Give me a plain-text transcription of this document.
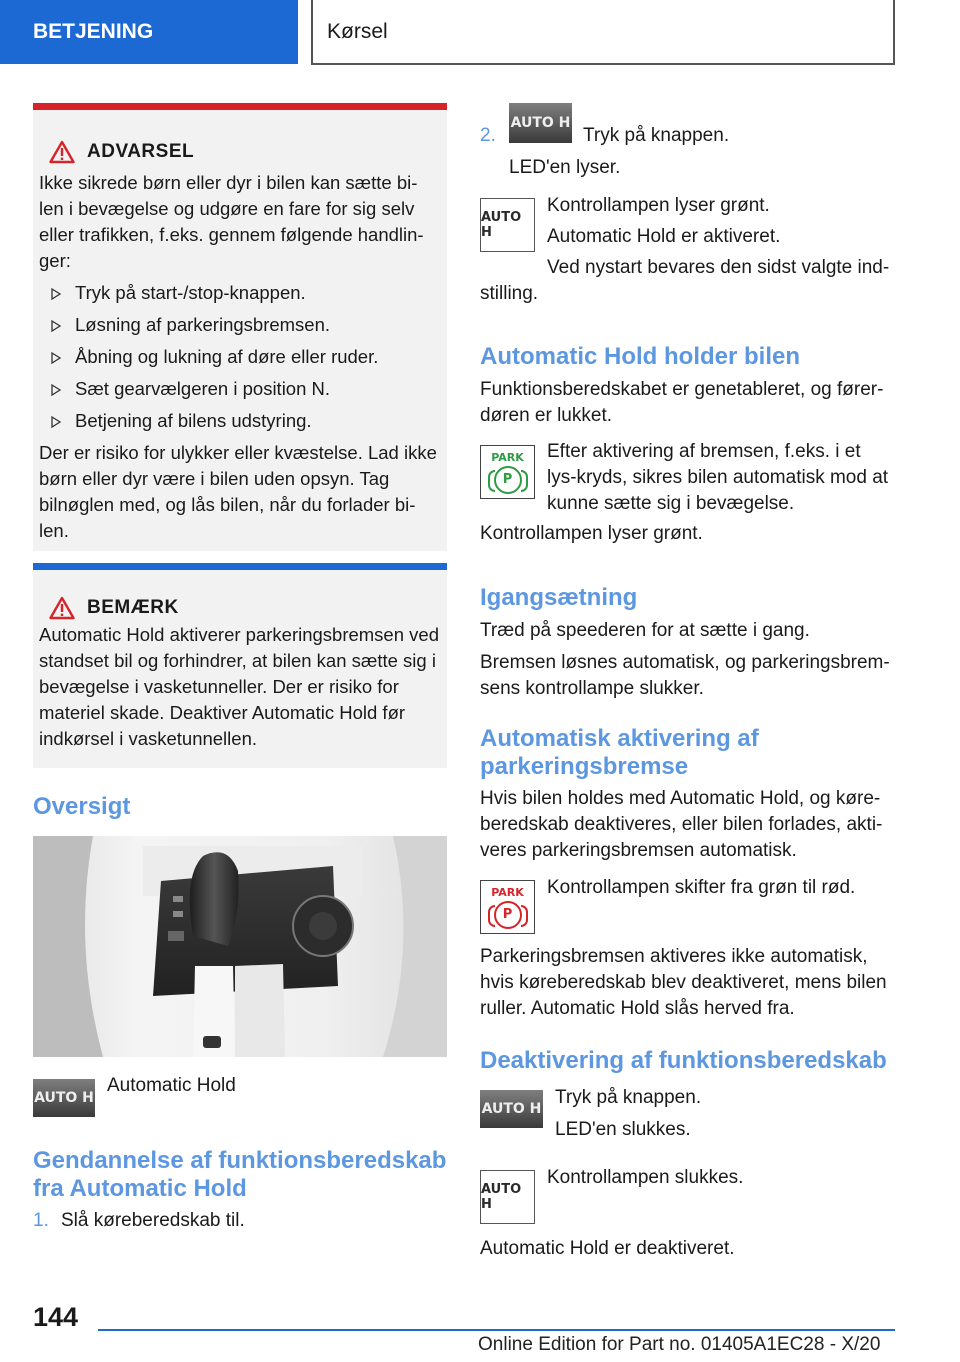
BETJENING	Kørsel
ADVARSEL

Ikke sikrede børn eller dyr i bilen kan sætte bi-len i bevægelse og udgøre en fare for sig selv eller trafikken, f.eks. gennem følgende handlin-ger:

Tryk på start-/stop-knappen.
Løsning af parkeringsbremsen.
Åbning og lukning af døre eller ruder.
Sæt gearvælgeren i position N.
Betjening af bilens udstyring.

Der er risiko for ulykker eller kvæstelse. Lad ikke børn eller dyr være i bilen uden opsyn. Tag bilnøglen med, og lås bilen, når du forlader bi-len.

BEMÆRK

Automatic Hold aktiverer parkeringsbremsen ved standset bil og forhindrer, at bilen kan sætte sig i bevægelse i vasketunneller. Der er risiko for materiel skade. Deaktiver Automatic Hold før indkørsel i vasketunnellen.

Oversigt
AUTO H

Automatic Hold

Gendannelse af funktionsberedskab fra Automatic Hold

1. Slå køreberedskab til.

2.

AUTO H

Tryk på knappen.

LED'en lyser.

AUTO H

Kontrollampen lyser grønt.

Automatic Hold er aktiveret.

Ved nystart bevares den sidst valgte ind-stilling.

Automatic Hold holder bilen

Funktionsberedskabet er genetableret, og fører-døren er lukket.

PARK
P

Efter aktivering af bremsen, f.eks. i et lys-kryds, sikres bilen automatisk mod at kunne sætte sig i bevægelse.

Kontrollampen lyser grønt.

Igangsætning

Træd på speederen for at sætte i gang.

Bremsen løsnes automatisk, og parkeringsbrem-sens kontrollampe slukker.

Automatisk aktivering af parkeringsbremse

Hvis bilen holdes med Automatic Hold, og køre-beredskab deaktiveres, eller bilen forlades, akti-veres parkeringsbremsen automatisk.

PARK
P

Kontrollampen skifter fra grøn til rød.

Parkeringsbremsen aktiveres ikke automatisk, hvis køreberedskab blev deaktiveret, mens bilen ruller. Automatic Hold slås herved fra.

Deaktivering af funktionsberedskab
AUTO H

Tryk på knappen.

LED'en slukkes.

AUTO H

Kontrollampen slukkes.

Automatic Hold er deaktiveret.

144
Online Edition for Part no. 01405A1EC28 - X/20
